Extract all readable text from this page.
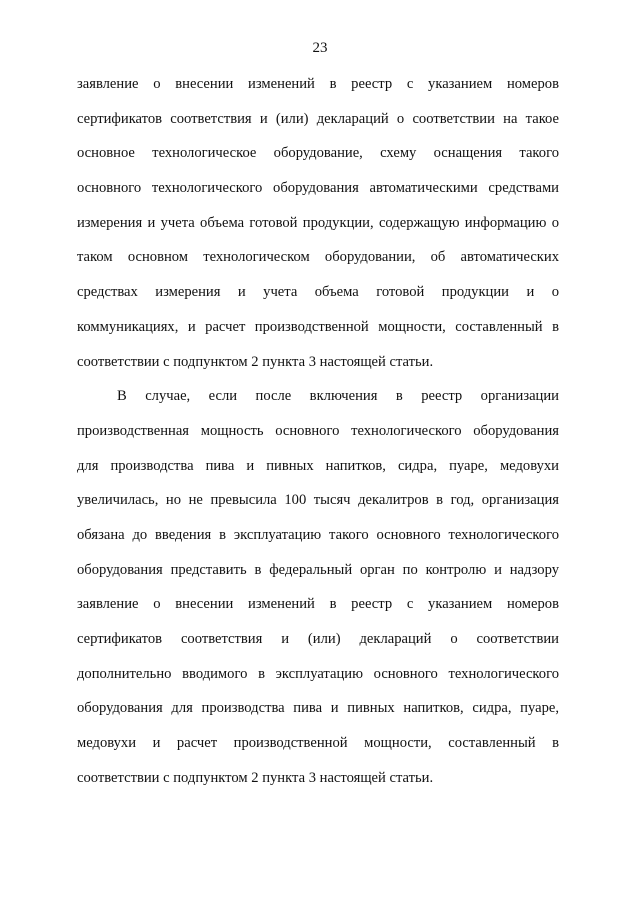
23
заявление о внесении изменений в реестр с указанием номеров
сертификатов соответствия и (или) деклараций о соответствии на такое
основное технологическое оборудование, схему оснащения такого
основного технологического оборудования автоматическими средствами
измерения и учета объема готовой продукции, содержащую информацию о
таком основном технологическом оборудовании, об автоматических
средствах измерения и учета объема готовой продукции и о
коммуникациях, и расчет производственной мощности, составленный в
соответствии с подпунктом 2 пункта 3 настоящей статьи.
В случае, если после включения в реестр организации
производственная мощность основного технологического оборудования
для производства пива и пивных напитков, сидра, пуаре, медовухи
увеличилась, но не превысила 100 тысяч декалитров в год, организация
обязана до введения в эксплуатацию такого основного технологического
оборудования представить в федеральный орган по контролю и надзору
заявление о внесении изменений в реестр с указанием номеров
сертификатов соответствия и (или) деклараций о соответствии
дополнительно вводимого в эксплуатацию основного технологического
оборудования для производства пива и пивных напитков, сидра, пуаре,
медовухи и расчет производственной мощности, составленный в
соответствии с подпунктом 2 пункта 3 настоящей статьи.
